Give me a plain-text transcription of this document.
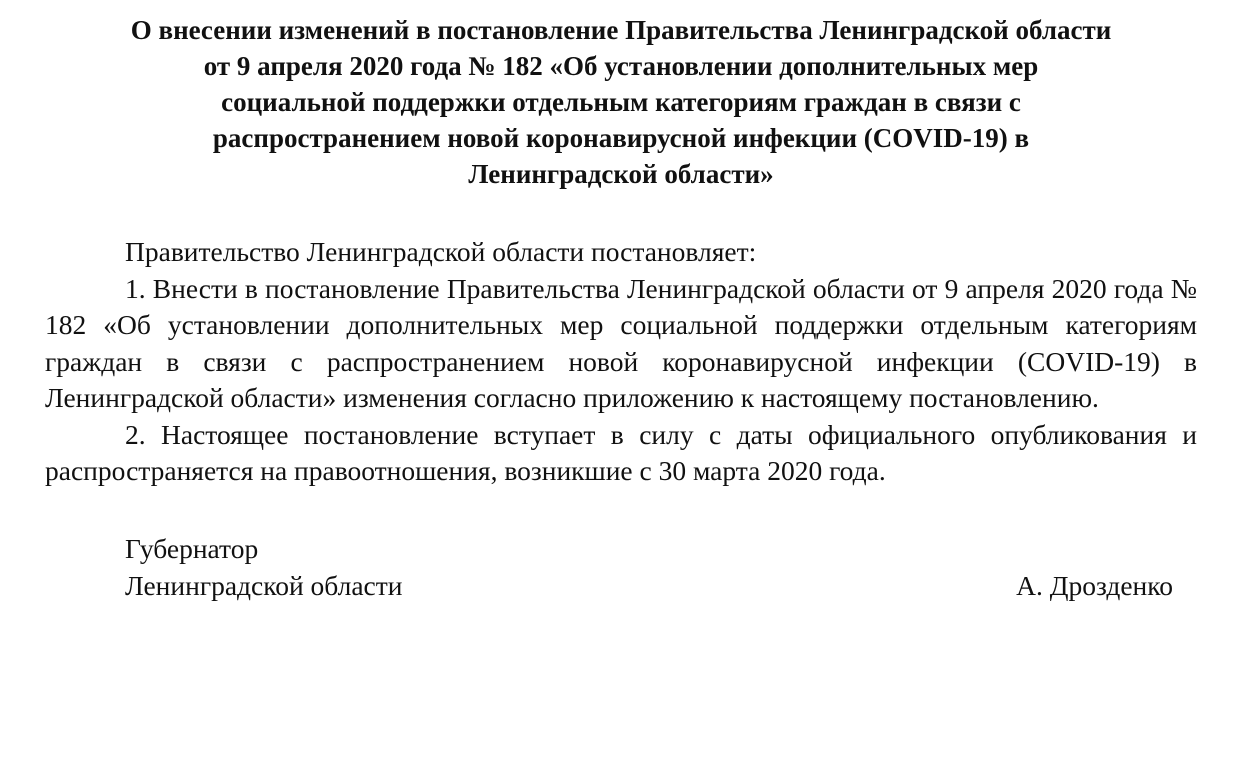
О внесении изменений в постановление Правительства Ленинградской области
от 9 апреля 2020 года № 182 «Об установлении дополнительных мер
социальной поддержки отдельным категориям граждан в связи с
распространением новой коронавирусной инфекции (COVID-19) в
Ленинградской области»

Правительство Ленинградской области постановляет:

1. Внести в постановление Правительства Ленинградской области от 9 апреля 2020 года № 182 «Об установлении дополнительных мер социальной поддержки отдельным категориям граждан в связи с распространением новой коронавирусной инфекции (COVID-19) в Ленинградской области» изменения согласно приложению к настоящему постановлению.

2. Настоящее постановление вступает в силу с даты официального опубликования и распространяется на правоотношения, возникшие с 30 марта 2020 года.

Губернатор
Ленинградской области	А. Дрозденко
